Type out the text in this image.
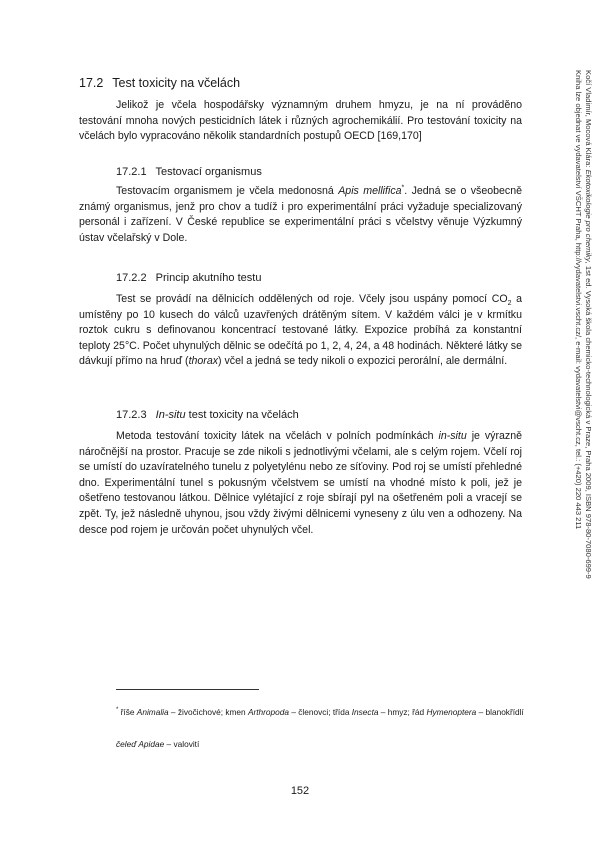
17.2 Test toxicity na včelách

Jelikož je včela hospodářsky významným druhem hmyzu, je na ní prováděno testování mnoha nových pesticidních látek i různých agrochemikálií. Pro testování toxicity na včelách bylo vypracováno několik standardních postupů OECD [169,170]

17.2.1 Testovací organismus

Testovacím organismem je včela medonosná Apis mellifica*. Jedná se o všeobecně známý organismus, jenž pro chov a tudíž i pro experimentální práci vyžaduje specializovaný personál i zařízení. V České republice se experimentální práci s včelstvy věnuje Výzkumný ústav včelařský v Dole.

17.2.2 Princip akutního testu

Test se provádí na dělnicích oddělených od roje. Včely jsou uspány pomocí $CO_2$ a umístěny po 10 kusech do válců uzavřených drátěným sítem. V každém válci je v krmítku roztok cukru s definovanou koncentrací testované látky. Expozice probíhá za konstantní teploty 25°C. Počet uhynulých dělnic se odečítá po 1, 2, 4, 24, a 48 hodinách. Některé látky se dávkují přímo na hruď (thorax) včel a jedná se tedy nikoli o expozici perorální, ale dermální.

17.2.3 In-situ test toxicity na včelách

Metoda testování toxicity látek na včelách v polních podmínkách in-situ je výrazně náročnější na prostor. Pracuje se zde nikoli s jednotlivými včelami, ale s celým rojem. Včelí roj se umístí do uzavíratelného tunelu z polyetylénu nebo ze síťoviny. Pod roj se umístí přehledné dno. Experimentální tunel s pokusným včelstvem se umístí na vhodné místo k poli, jež je ošetřeno testovanou látkou. Dělnice vylétající z roje sbírají pyl na ošetřeném poli a vracejí se zpět. Ty, jež následně uhynou, jsou vždy živými dělnicemi vyneseny z úlu ven a odhozeny. Na desce pod rojem je určován počet uhynulých včel.

* říše Animalia – živočichové; kmen Arthropoda – členovci; třída Insecta – hmyz; řád Hymenoptera – blanokřídlí

čeleď Apidae – valovití

152
Kočí Vladimír, Mocová Klára: Ekotoxikologie pro chemiky, 1st ed. Vysoká škola chemicko-technologická v Praze, Praha 2009, ISBN 978-80-7080-699-9
Kniha lze objednat ve vydavatelství VŠCHT Praha, http://vydavatelstvi.vscht.cz/, e-mail: vydavatelstvi@vscht.cz, tel.: (+420) 220 443 211
